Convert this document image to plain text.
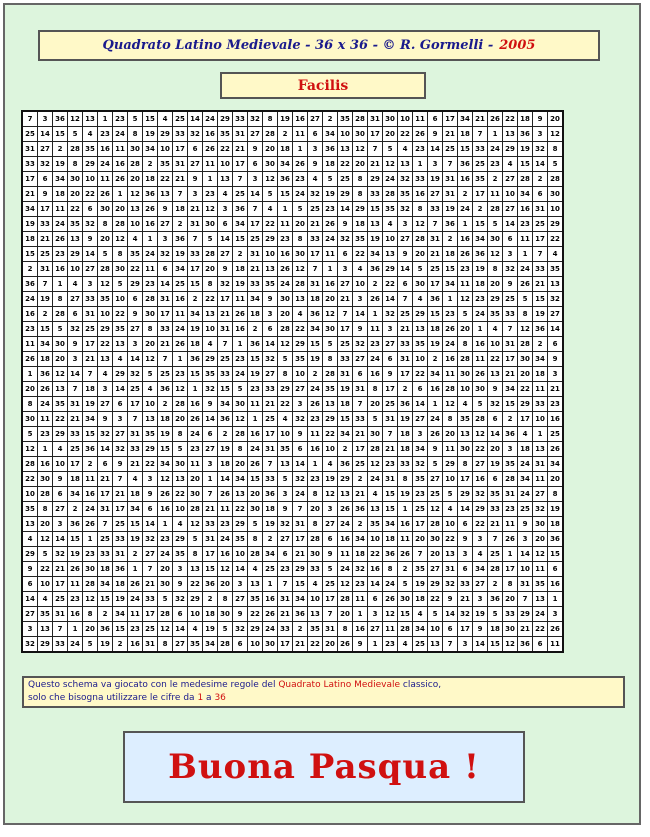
Quadrato Latino Medievale - 36 x 36 - © R. Gormelli - 2005
Facilis
7	3	36	12	13	1	23	5	15	4	25	14	24	29	33	32	8	19	16	27	2	35	28	31	30	10	11	6	17	34	21	26	22	18	9	20
25	14	15	5	4	23	24	8	19	29	33	32	16	35	31	27	28	2	11	6	34	10	30	17	20	22	26	9	21	18	7	1	13	36	3	12
31	27	2	28	35	16	11	30	34	10	17	6	26	22	21	9	20	18	1	3	36	13	12	7	5	4	23	14	25	15	33	24	29	19	32	8
33	32	19	8	29	24	16	28	2	35	31	27	11	10	17	6	30	34	26	9	18	22	20	21	12	13	1	3	7	36	25	23	4	15	14	5
17	6	34	30	10	11	26	20	18	22	21	9	1	13	7	3	12	36	23	4	5	25	8	29	24	32	33	19	31	16	35	2	27	28	2	28
21	9	18	20	22	26	1	12	36	13	7	3	23	4	25	14	5	15	24	32	19	29	8	33	28	35	16	27	31	2	17	11	10	34	6	30
34	17	11	22	6	30	20	13	26	9	18	21	12	3	36	7	4	1	5	25	23	14	29	15	35	32	8	33	19	24	2	28	27	16	31	10
19	33	24	35	32	8	28	10	16	27	2	31	30	6	34	17	22	11	20	21	26	9	18	13	4	3	12	7	36	1	15	5	14	23	25	29
18	21	26	13	9	20	12	4	1	3	36	7	5	14	15	25	29	23	8	33	24	32	35	19	10	27	28	31	2	16	34	30	6	11	17	22
15	25	23	29	14	5	8	35	24	32	19	33	28	27	2	31	10	16	30	17	11	6	22	34	13	9	20	21	18	26	36	12	3	1	7	4
2	31	16	10	27	28	30	22	11	6	34	17	20	9	18	21	13	26	12	7	1	3	4	36	29	14	5	25	15	23	19	8	32	24	33	35
36	7	1	4	3	12	5	29	23	14	25	15	8	32	19	33	35	24	28	31	16	27	10	2	22	6	30	17	34	11	18	20	9	26	21	13
24	19	8	27	33	35	10	6	28	31	16	2	22	17	11	34	9	30	13	18	20	21	3	26	14	7	4	36	1	12	23	29	25	5	15	32
16	2	28	6	31	10	22	9	30	17	11	34	13	21	26	18	3	20	4	36	12	7	14	1	32	25	29	15	23	5	24	35	33	8	19	27
23	15	5	32	25	29	35	27	8	33	24	19	10	31	16	2	6	28	22	34	30	17	9	11	3	21	13	18	26	20	1	4	7	12	36	14
11	34	30	9	17	22	13	3	20	21	26	18	4	7	1	36	14	12	29	15	5	25	32	23	27	33	35	19	24	8	16	10	31	28	2	6
26	18	20	3	21	13	4	14	12	7	1	36	29	25	23	15	32	5	35	19	8	33	27	24	6	31	10	2	16	28	11	22	17	30	34	9
1	36	12	14	7	4	29	32	5	25	23	15	35	33	24	19	27	8	10	2	28	31	6	16	9	17	22	34	11	30	26	13	21	20	18	3
20	26	13	7	18	3	14	25	4	36	12	1	32	15	5	23	33	29	27	24	35	19	31	8	17	2	6	16	28	10	30	9	34	22	11	21
8	24	35	31	19	27	6	17	10	2	28	16	9	34	30	11	21	22	3	26	13	18	7	20	25	36	14	1	12	4	5	32	15	29	33	23
30	11	22	21	34	9	3	7	13	18	20	26	14	36	12	1	25	4	32	23	29	15	33	5	31	19	27	24	8	35	28	6	2	17	10	16
5	23	29	33	15	32	27	31	35	19	8	24	6	2	28	16	17	10	9	11	22	34	21	30	7	18	3	26	20	13	12	14	36	4	1	25
12	1	4	25	36	14	32	33	29	15	5	23	27	19	8	24	31	35	6	16	10	2	17	28	21	18	34	9	11	30	22	20	3	18	13	26
28	16	10	17	2	6	9	21	22	34	30	11	3	18	20	26	7	13	14	1	4	36	25	12	23	33	32	5	29	8	27	19	35	24	31	34
22	30	9	18	11	21	7	4	3	12	13	20	1	14	34	15	33	5	32	23	19	29	2	24	31	8	35	27	10	17	16	6	28	34	11	20
10	28	6	34	16	17	21	18	9	26	22	30	7	26	13	20	36	3	24	8	12	13	21	4	15	19	23	25	5	29	32	35	31	24	27	8
35	8	27	2	24	31	17	34	6	16	10	28	21	11	22	30	18	9	7	20	3	26	36	13	15	1	25	12	4	14	29	33	23	25	32	19
13	20	3	36	26	7	25	15	14	1	4	12	33	23	29	5	19	32	31	8	27	24	2	35	34	16	17	28	10	6	22	21	11	9	30	18
4	12	14	15	1	25	33	19	32	23	29	5	31	24	35	8	2	27	17	28	6	16	34	10	18	11	20	30	22	9	3	7	26	3	20	36
29	5	32	19	23	33	31	2	27	24	35	8	17	16	10	28	34	6	21	30	9	11	18	22	36	26	7	20	13	3	4	25	1	14	12	15
9	22	21	26	30	18	36	1	7	20	3	13	15	12	14	4	25	23	29	33	5	24	32	16	8	2	35	27	31	6	34	28	17	10	11	6
6	10	17	11	28	34	18	26	21	30	9	22	36	20	3	13	1	7	15	4	25	12	23	14	24	5	19	29	32	33	27	2	8	31	35	16
14	4	25	23	12	15	19	24	33	5	32	29	2	8	27	35	16	31	34	10	17	28	11	6	26	30	18	22	9	21	3	36	20	7	13	1
27	35	31	16	8	2	34	11	17	28	6	10	18	30	9	22	26	21	36	13	7	20	1	3	12	15	4	5	14	32	19	5	33	29	24	3
3	13	7	1	20	36	15	23	25	12	14	4	19	5	32	29	24	33	2	35	31	8	16	27	11	28	34	10	6	17	9	18	30	21	22	26
32	29	33	24	5	19	2	16	31	8	27	35	34	28	6	10	30	17	21	22	20	26	9	1	23	4	25	13	7	3	14	15	12	36	6	11
Questo schema va giocato con le medesime regole del Quadrato Latino Medievale classico,
solo che bisogna utilizzare le cifre da 1 a 36
Buona Pasqua !
